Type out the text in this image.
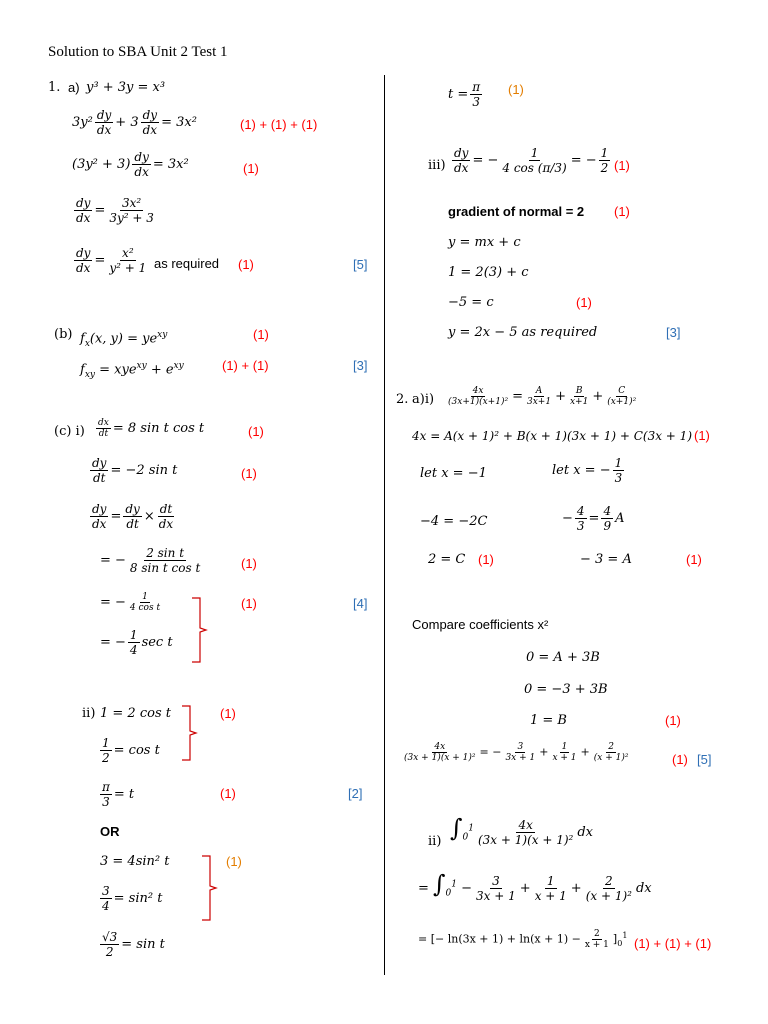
Solution to SBA Unit 2 Test 1
1. a) y³ + 3y = x³
$3y^2 \frac{dy}{dx} + 3 \frac{dy}{dx} = 3x^2$	(1) + (1) + (1)
$(3y^2 + 3) \frac{dy}{dx} = 3x^2$	(1)
$\frac{dy}{dx} = \frac{\text{3x²}}{\text{3y² + 3}}$
$\frac{dy}{dx} = \frac{\text{x²}}{\text{y² + 1}}$ as required (1)	[5]
(b) $f_x(x$, $y) = ye^{xy}$	(1)
$f_{xy} = xye^{xy} + e^{xy}$	(1) + (1)	[3]
(c) $i) \frac{dx}{dt} = 8$ sin t cos t	(1)
$\frac{dy}{dt} = -2$ sin t	(1)
$\frac{dy}{dx} = \frac{dy}{dt} \times \frac{dt}{dx}$
= − $\frac{\text{2 sin t}}{\text{8 sin t cos t}}$	(1)
= − $\frac{1}{\text{4 cos t}}$	(1)	[4]
= − $\frac{1}{4}$ sec t
ii) 1 = 2 cos t	(1)
$\frac{1}{2} = \cos t$
$\frac{\pi}{3} = t$	(1)	[2]
OR
3 = 4sin² t	(1)
$\frac{3}{4} = \sin^2$ t
$\frac{√3}{2} = \sin t$
$t = \frac{\pi}{3} (1)$
$iii) \frac{dy}{dx}$ = − $\frac{1}{4 \cos (\pi/3)}$ = − $\frac{1}{2} (1)$
gradient of normal = 2 (1)
y = mx + c
1 = 2(3) + c
−5 = c	(1)
y = 2x − 5 as required	[3]
2. $a)i) \frac{4x}{\text{(3x+1)(x+1)²}} = \frac{A}{3x+1} + \frac{B}{x+1} + \frac{C}{\text{(x+1)²}}$
4x = A(x + 1)² + B(x + 1)(3x + 1) + C(3x + 1) (1)
let x = −1	let x = − $\frac{1}{3}$
−4 = −2C	− $\frac{4}{3} = \frac{4}{9}$ A
2 = C (1)	− 3 = A	(1)
Compare coefficients x²
0 = A + 3B
0 = −3 + 3B
1 = B	(1)
$\frac{4x}{\text{(3x + 1)(x + 1)²}}$ = − $\frac{3}{3x + 1} + \frac{1}{x + 1} + \frac{2}{\text{(x + 1)²}}$	(1) [5]
ii) $\int_0^1 \frac{4x}{\text{(3x + 1)(x + 1)²}}$ dx
= $\int_0^1 - \frac{3}{3x + 1} + \frac{1}{x + 1} + \frac{2}{\text{(x + 1)²}}$ dx
= [− $\ln(3x + 1) + \ln(x + 1) - \frac{2}{x + 1} ]_0^1$
(1) + (1) + (1)
